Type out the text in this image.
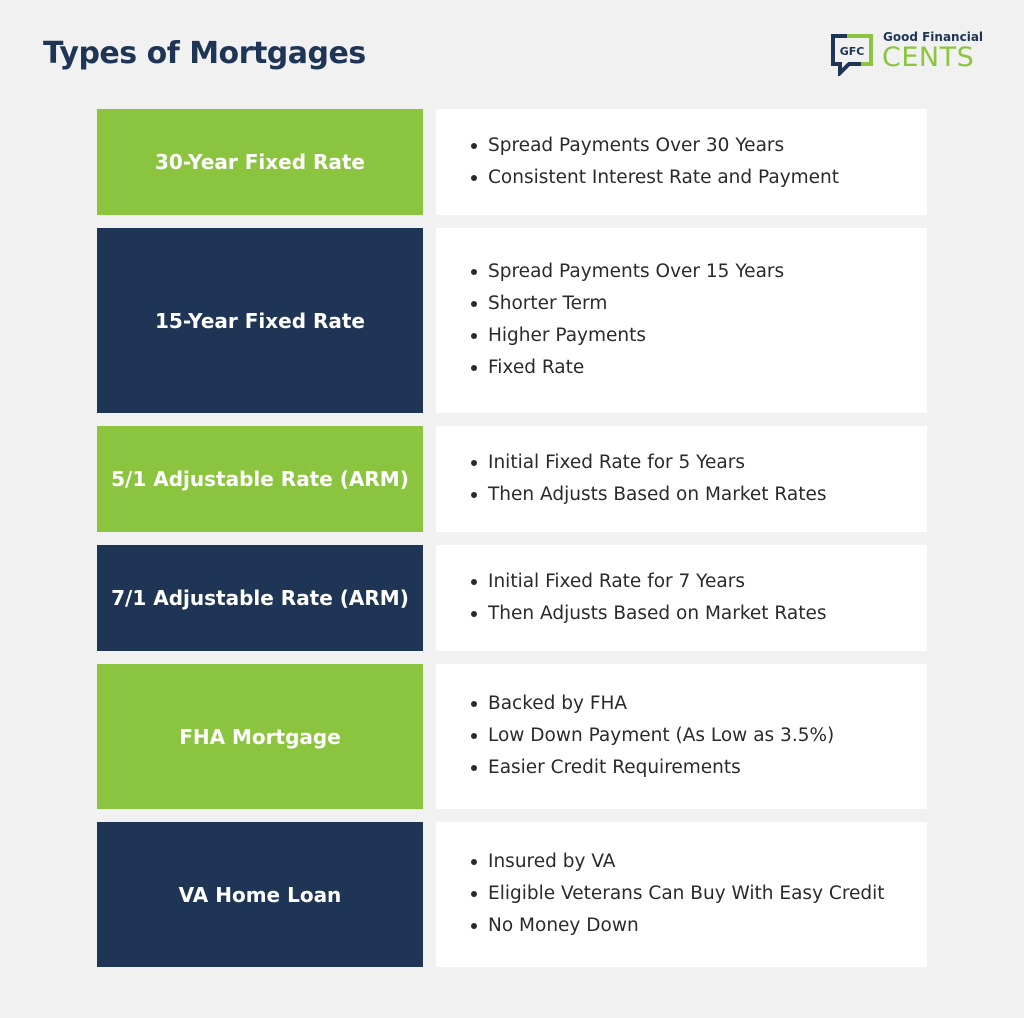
Types of Mortgages	GFC
Good Financial
CENTS
30-Year Fixed Rate
Spread Payments Over 30 Years
Consistent Interest Rate and Payment
15-Year Fixed Rate
Spread Payments Over 15 Years
Shorter Term
Higher Payments
Fixed Rate
5/1 Adjustable Rate (ARM)
Initial Fixed Rate for 5 Years
Then Adjusts Based on Market Rates
7/1 Adjustable Rate (ARM)
Initial Fixed Rate for 7 Years
Then Adjusts Based on Market Rates
FHA Mortgage
Backed by FHA
Low Down Payment (As Low as 3.5%)
Easier Credit Requirements
VA Home Loan
Insured by VA
Eligible Veterans Can Buy With Easy Credit
No Money Down
